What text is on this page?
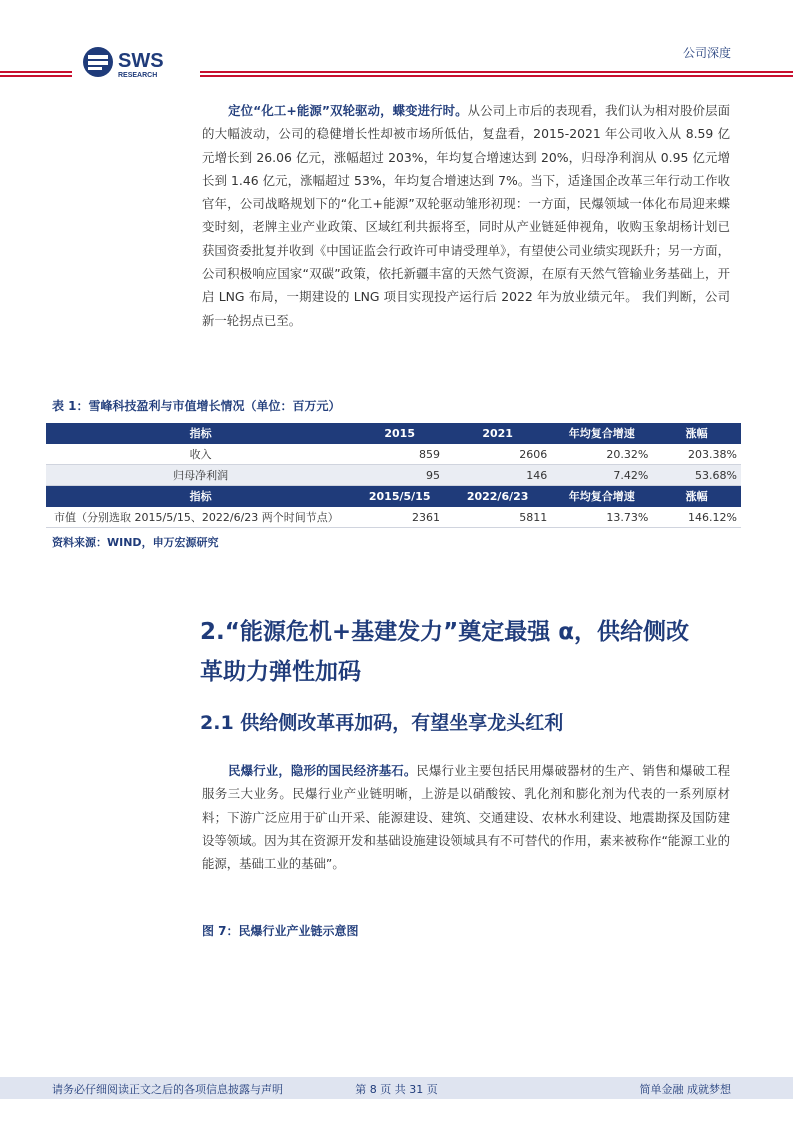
SWS
RESEARCH
公司深度
定位“化工+能源”双轮驱动，蝶变进行时。从公司上市后的表现看，我们认为相对股价层面的大幅波动，公司的稳健增长性却被市场所低估，复盘看，2015-2021 年公司收入从 8.59 亿元增长到 26.06 亿元，涨幅超过 203%，年均复合增速达到 20%，归母净利润从 0.95 亿元增长到 1.46 亿元，涨幅超过 53%，年均复合增速达到 7%。当下，适逢国企改革三年行动工作收官年，公司战略规划下的“化工+能源”双轮驱动雏形初现：一方面，民爆领域一体化布局迎来蝶变时刻，老牌主业产业政策、区域红利共振将至，同时从产业链延伸视角，收购玉象胡杨计划已获国资委批复并收到《中国证监会行政许可申请受理单》，有望使公司业绩实现跃升；另一方面，公司积极响应国家“双碳”政策，依托新疆丰富的天然气资源，在原有天然气管输业务基础上，开启 LNG 布局，一期建设的 LNG 项目实现投产运行后 2022 年为放业绩元年。 我们判断，公司新一轮拐点已至。
表 1：雪峰科技盈利与市值增长情况（单位：百万元）
指标	2015	2021	年均复合增速	涨幅
收入	859	2606	20.32%	203.38%
归母净利润	95	146	7.42%	53.68%
指标	2015/5/15	2022/6/23	年均复合增速	涨幅
市值（分别选取 2015/5/15、2022/6/23 两个时间节点）	2361	5811	13.73%	146.12%
资料来源：WIND，申万宏源研究
2.“能源危机+基建发力”奠定最强 α，供给侧改
革助力弹性加码
2.1 供给侧改革再加码，有望坐享龙头红利
民爆行业，隐形的国民经济基石。民爆行业主要包括民用爆破器材的生产、销售和爆破工程服务三大业务。民爆行业产业链明晰，上游是以硝酸铵、乳化剂和膨化剂为代表的一系列原材料；下游广泛应用于矿山开采、能源建设、建筑、交通建设、农林水利建设、地震勘探及国防建设等领域。因为其在资源开发和基础设施建设领域具有不可替代的作用，素来被称作“能源工业的能源，基础工业的基础”。
图 7：民爆行业产业链示意图
请务必仔细阅读正文之后的各项信息披露与声明	第 8 页 共 31 页	简单金融 成就梦想
